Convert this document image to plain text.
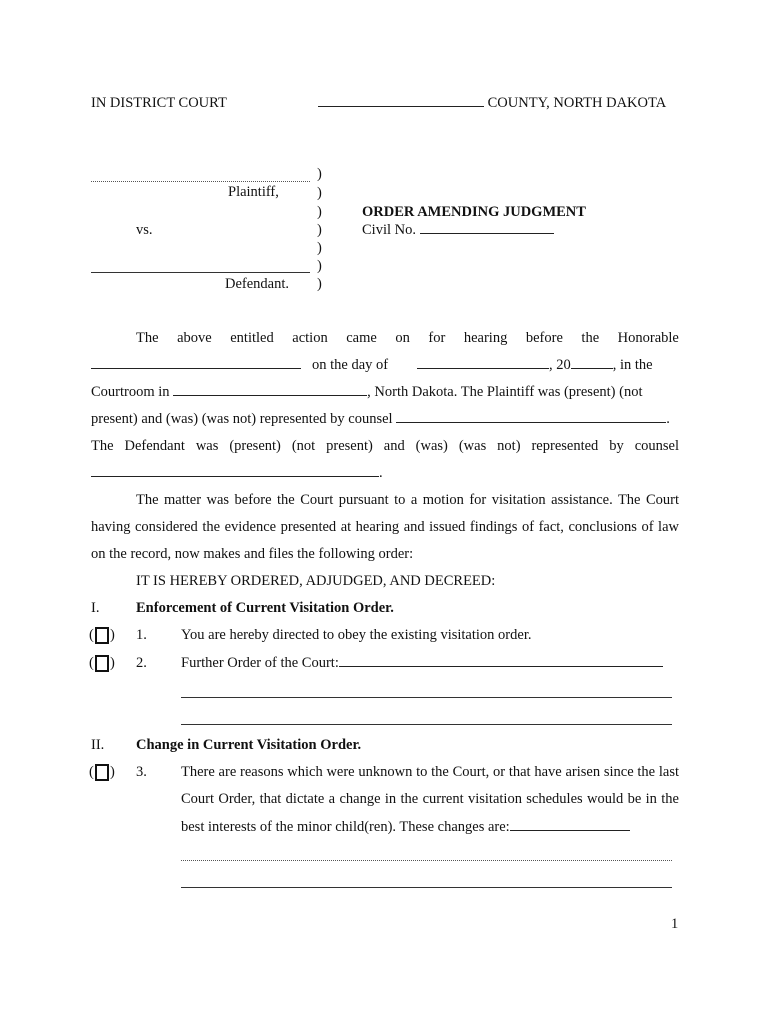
IN DISTRICT COURT	COUNTY, NORTH DAKOTA
Plaintiff,
vs.
Defendant.
)
)
)
)
)
)
)
ORDER AMENDING JUDGMENT
Civil No.
The above entitled action came on for hearing before the Honorable
on the day of	, 20	, in the
Courtroom in	, North Dakota. The Plaintiff was (present) (not
present) and (was) (was not) represented by counsel	.
The Defendant was (present) (not present) and (was) (was not) represented by counsel
.
The matter was before the Court pursuant to a motion for visitation assistance. The Court
having considered the evidence presented at hearing and issued findings of fact, conclusions of law
on the record, now makes and files the following order:
IT IS HEREBY ORDERED, ADJUDGED, AND DECREED:
I.	Enforcement of Current Visitation Order.
( ) 1. You are hereby directed to obey the existing visitation order.
( ) 2. Further Order of the Court:
II. Change in Current Visitation Order.
( ) 3. There are reasons which were unknown to the Court, or that have arisen since the last
Court Order, that dictate a change in the current visitation schedules would be in the
best interests of the minor child(ren). These changes are:
1
